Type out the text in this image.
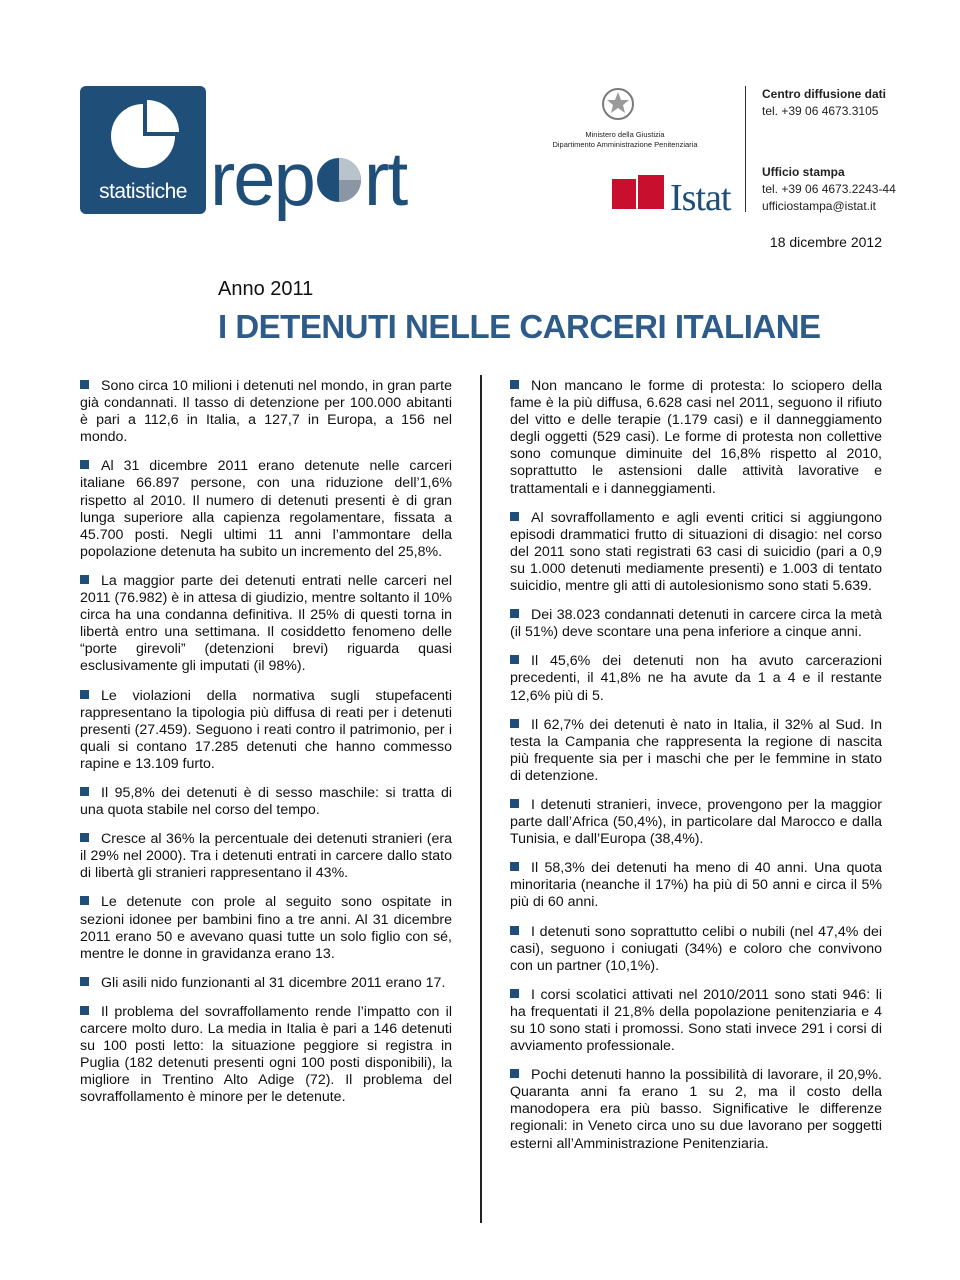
statistiche rep rt
Ministero della Giustizia
Dipartimento Amministrazione Penitenziaria
Istat
Centro diffusione dati
tel. +39 06 4673.3105
Ufficio stampa
tel. +39 06 4673.2243-44
ufficiostampa@istat.it
18 dicembre 2012
Anno 2011
I DETENUTI NELLE CARCERI ITALIANE

Sono circa 10 milioni i detenuti nel mondo, in gran parte già condannati. Il tasso di detenzione per 100.000 abitanti è pari a 112,6 in Italia, a 127,7 in Europa, a 156 nel mondo.

Al 31 dicembre 2011 erano detenute nelle carceri italiane 66.897 persone, con una riduzione dell’1,6% rispetto al 2010. Il numero di detenuti presenti è di gran lunga superiore alla capienza regolamentare, fissata a 45.700 posti. Negli ultimi 11 anni l’ammontare della popolazione detenuta ha subito un incremento del 25,8%.

La maggior parte dei detenuti entrati nelle carceri nel 2011 (76.982) è in attesa di giudizio, mentre soltanto il 10% circa ha una condanna definitiva. Il 25% di questi torna in libertà entro una settimana. Il cosiddetto fenomeno delle “porte girevoli” (detenzioni brevi) riguarda quasi esclusivamente gli imputati (il 98%).

Le violazioni della normativa sugli stupefacenti rappresentano la tipologia più diffusa di reati per i detenuti presenti (27.459). Seguono i reati contro il patrimonio, per i quali si contano 17.285 detenuti che hanno commesso rapine e 13.109 furto.

Il 95,8% dei detenuti è di sesso maschile: si tratta di una quota stabile nel corso del tempo.

Cresce al 36% la percentuale dei detenuti stranieri (era il 29% nel 2000). Tra i detenuti entrati in carcere dallo stato di libertà gli stranieri rappresentano il 43%.

Le detenute con prole al seguito sono ospitate in sezioni idonee per bambini fino a tre anni. Al 31 dicembre 2011 erano 50 e avevano quasi tutte un solo figlio con sé, mentre le donne in gravidanza erano 13.

Gli asili nido funzionanti al 31 dicembre 2011 erano 17.

Il problema del sovraffollamento rende l’impatto con il carcere molto duro. La media in Italia è pari a 146 detenuti su 100 posti letto: la situazione peggiore si registra in Puglia (182 detenuti presenti ogni 100 posti disponibili), la migliore in Trentino Alto Adige (72). Il problema del sovraffollamento è minore per le detenute.

Non mancano le forme di protesta: lo sciopero della fame è la più diffusa, 6.628 casi nel 2011, seguono il rifiuto del vitto e delle terapie (1.179 casi) e il danneggiamento degli oggetti (529 casi). Le forme di protesta non collettive sono comunque diminuite del 16,8% rispetto al 2010, soprattutto le astensioni dalle attività lavorative e trattamentali e i danneggiamenti.

Al sovraffollamento e agli eventi critici si aggiungono episodi drammatici frutto di situazioni di disagio: nel corso del 2011 sono stati registrati 63 casi di suicidio (pari a 0,9 su 1.000 detenuti mediamente presenti) e 1.003 di tentato suicidio, mentre gli atti di autolesionismo sono stati 5.639.

Dei 38.023 condannati detenuti in carcere circa la metà (il 51%) deve scontare una pena inferiore a cinque anni.

Il 45,6% dei detenuti non ha avuto carcerazioni precedenti, il 41,8% ne ha avute da 1 a 4 e il restante 12,6% più di 5.

Il 62,7% dei detenuti è nato in Italia, il 32% al Sud. In testa la Campania che rappresenta la regione di nascita più frequente sia per i maschi che per le femmine in stato di detenzione.

I detenuti stranieri, invece, provengono per la maggior parte dall’Africa (50,4%), in particolare dal Marocco e dalla Tunisia, e dall’Europa (38,4%).

Il 58,3% dei detenuti ha meno di 40 anni. Una quota minoritaria (neanche il 17%) ha più di 50 anni e circa il 5% più di 60 anni.

I detenuti sono soprattutto celibi o nubili (nel 47,4% dei casi), seguono i coniugati (34%) e coloro che convivono con un partner (10,1%).

I corsi scolatici attivati nel 2010/2011 sono stati 946: li ha frequentati il 21,8% della popolazione penitenziaria e 4 su 10 sono stati i promossi. Sono stati invece 291 i corsi di avviamento professionale.

Pochi detenuti hanno la possibilità di lavorare, il 20,9%. Quaranta anni fa erano 1 su 2, ma il costo della manodopera era più basso. Significative le differenze regionali: in Veneto circa uno su due lavorano per soggetti esterni all’Amministrazione Penitenziaria.
